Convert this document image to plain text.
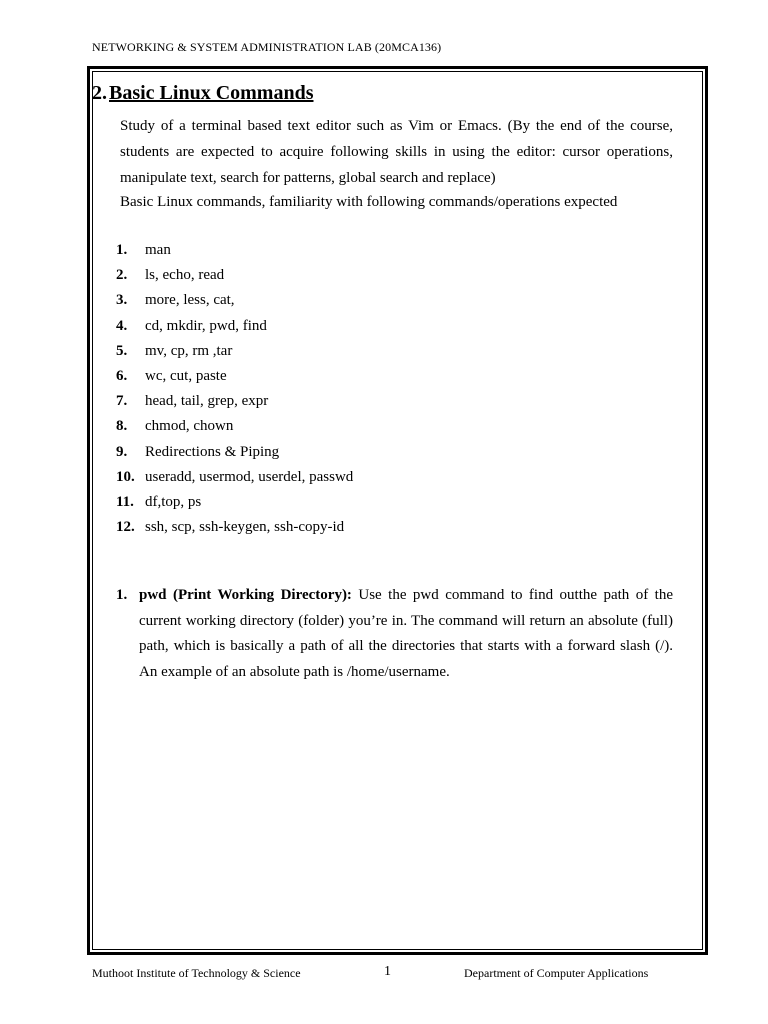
NETWORKING & SYSTEM ADMINISTRATION LAB (20MCA136)
2. Basic Linux Commands

Study of a terminal based text editor such as Vim or Emacs. (By the end of the course, students are expected to acquire following skills in using the editor: cursor operations, manipulate text, search for patterns, global search and replace)

Basic Linux commands, familiarity with following commands/operations expected

1.	man
2.	ls, echo, read
3.	more, less, cat,
4.	cd, mkdir, pwd, find
5.	mv, cp, rm ,tar
6.	wc, cut, paste
7.	head, tail, grep, expr
8.	chmod, chown
9.	Redirections & Piping
10. useradd, usermod, userdel, passwd
11. df,top, ps
12. ssh, scp, ssh-keygen, ssh-copy-id
1. pwd (Print Working Directory): Use the pwd command to find outthe path of the current working directory (folder) you’re in. The command will return an absolute (full) path, which is basically a path of all the directories that starts with a forward slash (/). An example of an absolute path is /home/username.
Muthoot Institute of Technology & Science	1	Department of Computer Applications
